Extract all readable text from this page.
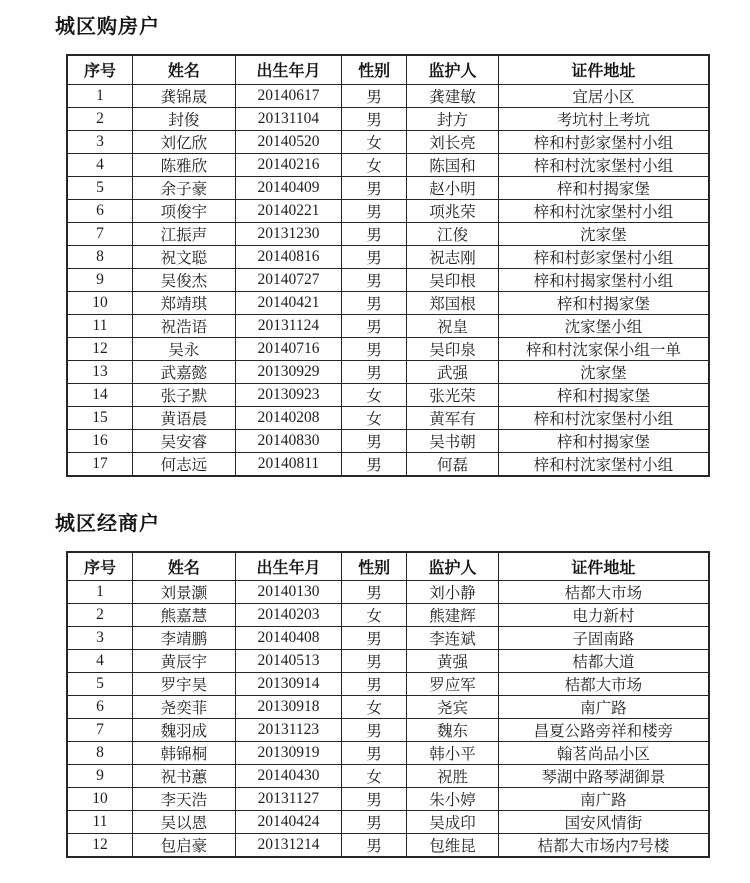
城区购房户
序号	姓名	出生年月	性别	监护人	证件地址
1	龚锦晟	20140617	男	龚建敏	宜居小区
2	封俊	20131104	男	封方	考坑村上考坑
3	刘亿欣	20140520	女	刘长亮	梓和村彭家堡村小组
4	陈雅欣	20140216	女	陈国和	梓和村沈家堡村小组
5	余子豪	20140409	男	赵小明	梓和村揭家堡
6	项俊宇	20140221	男	项兆荣	梓和村沈家堡村小组
7	江振声	20131230	男	江俊	沈家堡
8	祝文聪	20140816	男	祝志刚	梓和村彭家堡村小组
9	吴俊杰	20140727	男	吴印根	梓和村揭家堡村小组
10	郑靖琪	20140421	男	郑国根	梓和村揭家堡
11	祝浩语	20131124	男	祝皇	沈家堡小组
12	吴永	20140716	男	吴印泉	梓和村沈家保小组一单
13	武嘉懿	20130929	男	武强	沈家堡
14	张子默	20130923	女	张光荣	梓和村揭家堡
15	黄语晨	20140208	女	黄军有	梓和村沈家堡村小组
16	吴安睿	20140830	男	吴书朝	梓和村揭家堡
17	何志远	20140811	男	何磊	梓和村沈家堡村小组
城区经商户
序号	姓名	出生年月	性别	监护人	证件地址
1	刘景灏	20140130	男	刘小静	桔都大市场
2	熊嘉慧	20140203	女	熊建辉	电力新村
3	李靖鹏	20140408	男	李连斌	子固南路
4	黄辰宇	20140513	男	黄强	桔都大道
5	罗宇昊	20130914	男	罗应军	桔都大市场
6	尧奕菲	20130918	女	尧宾	南广路
7	魏羽成	20131123	男	魏东	昌夏公路旁祥和楼旁
8	韩锦桐	20130919	男	韩小平	翰茗尚品小区
9	祝书蕙	20140430	女	祝胜	琴湖中路琴湖御景
10	李天浩	20131127	男	朱小婷	南广路
11	吴以恩	20140424	男	吴成印	国安风情街
12	包启豪	20131214	男	包维昆	桔都大市场内7号楼
